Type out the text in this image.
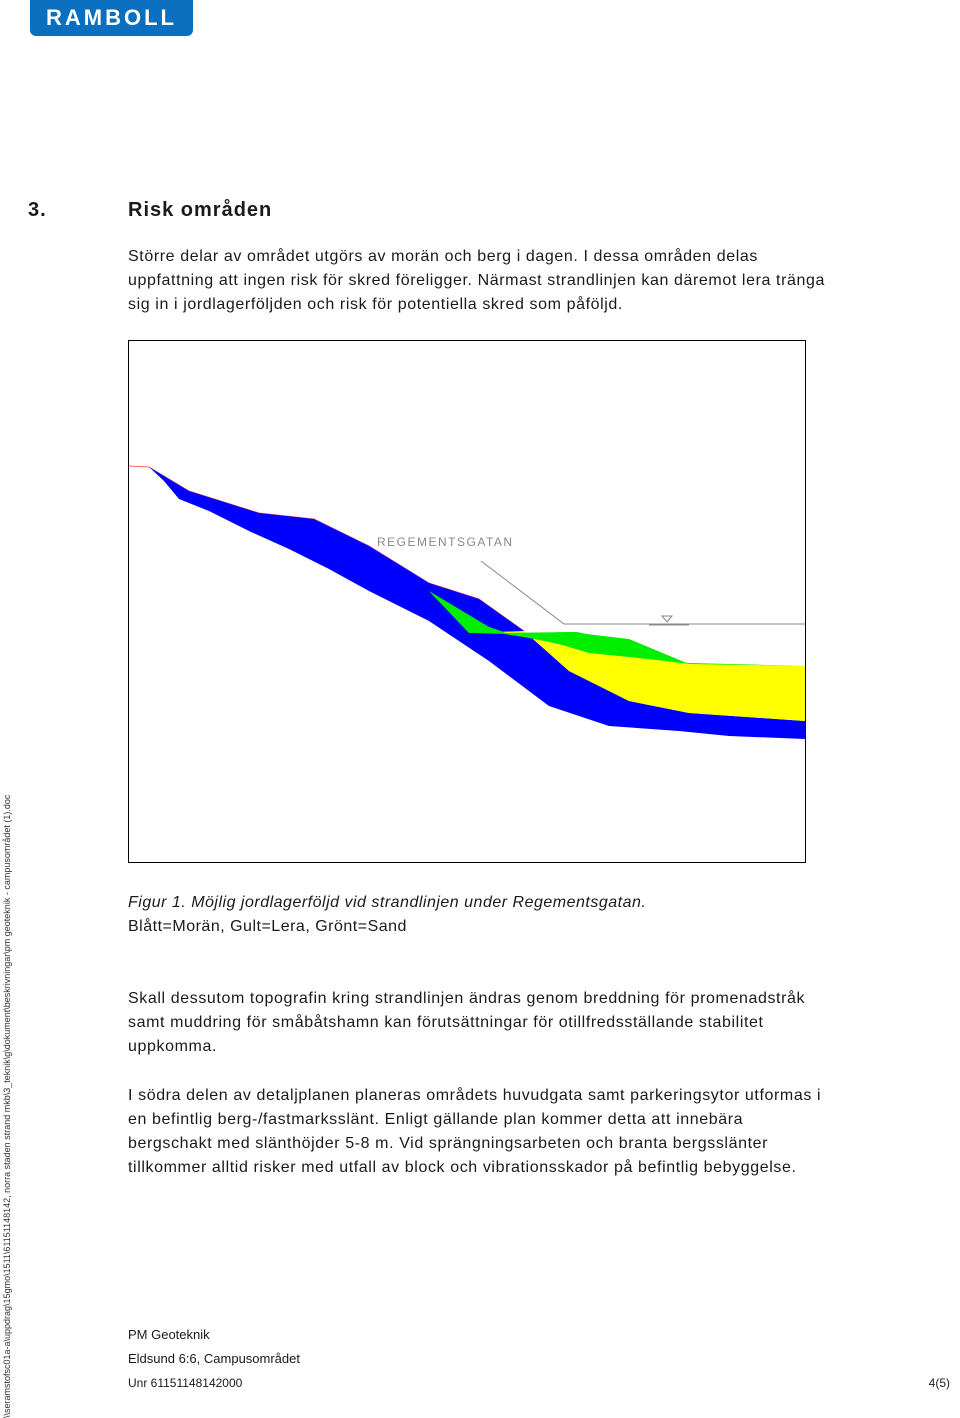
RAMBOLL
3.	Risk områden

Större delar av området utgörs av morän och berg i dagen. I dessa områden delas uppfattning att ingen risk för skred föreligger. Närmast strandlinjen kan däremot lera tränga sig in i jordlagerföljden och risk för potentiella skred som påföljd.

REGEMENTSGATAN
Figur 1. Möjlig jordlagerföljd vid strandlinjen under Regementsgatan.
Blått=Morän, Gult=Lera, Grönt=Sand

Skall dessutom topografin kring strandlinjen ändras genom breddning för promenadstråk samt muddring för småbåtshamn kan förutsättningar för otillfredsställande stabilitet uppkomma.

I södra delen av detaljplanen planeras områdets huvudgata samt parkeringsytor utformas i en befintlig berg-/fastmarksslänt. Enligt gällande plan kommer detta att innebära bergschakt med slänthöjder 5-8 m. Vid sprängningsarbeten och branta bergsslänter tillkommer alltid risker med utfall av block och vibrationsskador på befintlig bebyggelse.

\\seramstofsc01a-a\uppdrag\15gmo\1511\61151148142, norra staden strand mkb\3_teknik\g\dokument\beskrivningar\pm geoteknik - campusområdet (1).doc	PM Geoteknik
Eldsund 6:6, Campusområdet
Unr 61151148142000	4(5)
